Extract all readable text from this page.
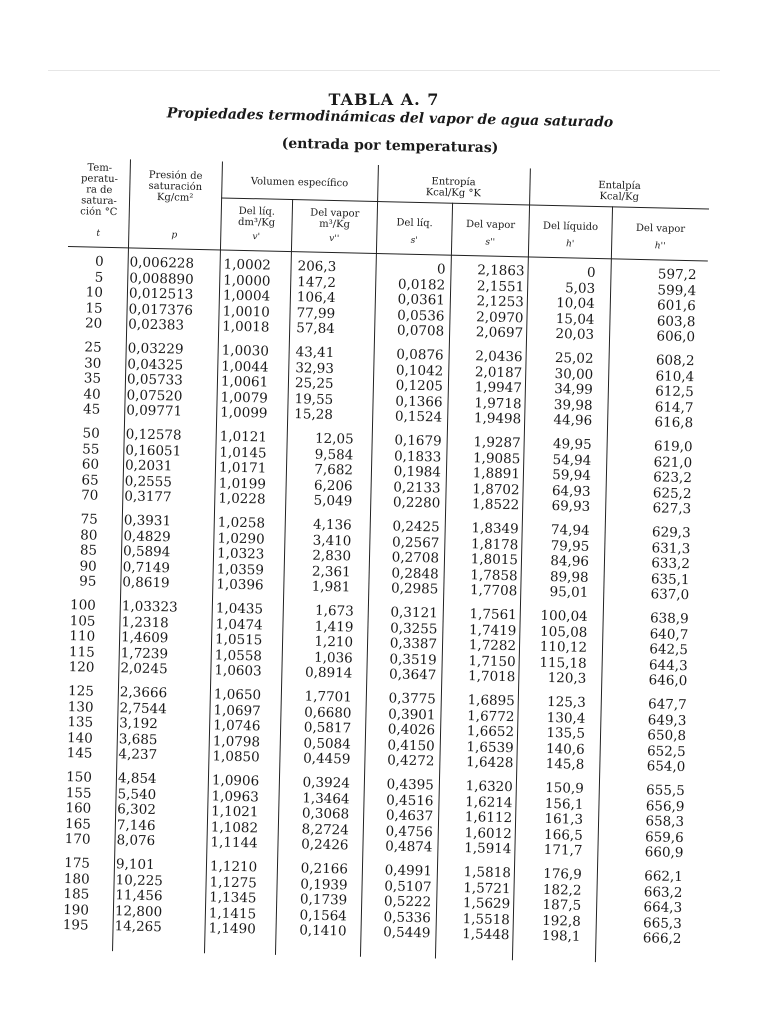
TABLA A. 7
Propiedades termodinámicas del vapor de agua saturado
(entrada por temperaturas)
Tem-
peratu-
ra de
satura-
ción °C
t
Presión de
saturación
Kg/cm²
p
Volumen específico
Del líq.
dm³/Kg
v'
Del vapor
m³/Kg
v''
Entropía
Kcal/Kg °K
Del líq.
s'
Del vapor
s''
Entalpía
Kcal/Kg
Del líquido
h'
Del vapor
h''
0
5
10
15
20
0,006228
0,008890
0,012513
0,017376
0,02383
1,0002
1,0000
1,0004
1,0010
1,0018
206,3
147,2
106,4
77,99
57,84
0
0,0182
0,0361
0,0536
0,0708
2,1863
2,1551
2,1253
2,0970
2,0697
0
5,03
10,04
15,04
20,03
597,2
599,4
601,6
603,8
606,0
25
30
35
40
45
0,03229
0,04325
0,05733
0,07520
0,09771
1,0030
1,0044
1,0061
1,0079
1,0099
43,41
32,93
25,25
19,55
15,28
0,0876
0,1042
0,1205
0,1366
0,1524
2,0436
2,0187
1,9947
1,9718
1,9498
25,02
30,00
34,99
39,98
44,96
608,2
610,4
612,5
614,7
616,8
50
55
60
65
70
0,12578
0,16051
0,2031
0,2555
0,3177
1,0121
1,0145
1,0171
1,0199
1,0228
12,05
9,584
7,682
6,206
5,049
0,1679
0,1833
0,1984
0,2133
0,2280
1,9287
1,9085
1,8891
1,8702
1,8522
49,95
54,94
59,94
64,93
69,93
619,0
621,0
623,2
625,2
627,3
75
80
85
90
95
0,3931
0,4829
0,5894
0,7149
0,8619
1,0258
1,0290
1,0323
1,0359
1,0396
4,136
3,410
2,830
2,361
1,981
0,2425
0,2567
0,2708
0,2848
0,2985
1,8349
1,8178
1,8015
1,7858
1,7708
74,94
79,95
84,96
89,98
95,01
629,3
631,3
633,2
635,1
637,0
100
105
110
115
120
1,03323
1,2318
1,4609
1,7239
2,0245
1,0435
1,0474
1,0515
1,0558
1,0603
1,673
1,419
1,210
1,036
0,8914
0,3121
0,3255
0,3387
0,3519
0,3647
1,7561
1,7419
1,7282
1,7150
1,7018
100,04
105,08
110,12
115,18
120,3
638,9
640,7
642,5
644,3
646,0
125
130
135
140
145
2,3666
2,7544
3,192
3,685
4,237
1,0650
1,0697
1,0746
1,0798
1,0850
1,7701
0,6680
0,5817
0,5084
0,4459
0,3775
0,3901
0,4026
0,4150
0,4272
1,6895
1,6772
1,6652
1,6539
1,6428
125,3
130,4
135,5
140,6
145,8
647,7
649,3
650,8
652,5
654,0
150
155
160
165
170
4,854
5,540
6,302
7,146
8,076
1,0906
1,0963
1,1021
1,1082
1,1144
0,3924
1,3464
0,3068
8,2724
0,2426
0,4395
0,4516
0,4637
0,4756
0,4874
1,6320
1,6214
1,6112
1,6012
1,5914
150,9
156,1
161,3
166,5
171,7
655,5
656,9
658,3
659,6
660,9
175
180
185
190
195
9,101
10,225
11,456
12,800
14,265
1,1210
1,1275
1,1345
1,1415
1,1490
0,2166
0,1939
0,1739
0,1564
0,1410
0,4991
0,5107
0,5222
0,5336
0,5449
1,5818
1,5721
1,5629
1,5518
1,5448
176,9
182,2
187,5
192,8
198,1
662,1
663,2
664,3
665,3
666,2
